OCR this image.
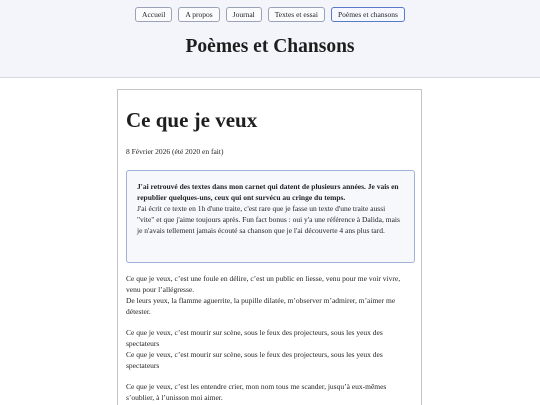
Accueil	A propos	Journal	Textes et essai	Poèmes et chansons
Poèmes et Chansons
Ce que je veux
8 Février 2026 (été 2020 en fait)
J'ai retrouvé des textes dans mon carnet qui datent de plusieurs années. Je vais en republier quelques-uns, ceux qui ont survécu au cringe du temps.
J'ai écrit ce texte en 1h d'une traite, c'est rare que je fasse un texte d'une traite aussi "vite" et que j'aime toujours après. Fun fact bonus : oui y'a une référence à Dalida, mais je n'avais tellement jamais écouté sa chanson que je l'ai découverte 4 ans plus tard.

Ce que je veux, c’est une foule en délire, c’est un public en liesse, venu pour me voir vivre, venu pour l’allégresse.
De leurs yeux, la flamme aguerrite, la pupille dilatée, m’observer m’admirer, m’aimer me détester.

Ce que je veux, c’est mourir sur scène, sous le feux des projecteurs, sous les yeux des spectateurs
Ce que je veux, c’est mourir sur scène, sous le feux des projecteurs, sous les yeux des spectateurs

Ce que je veux, c’est les entendre crier, mon nom tous me scander, jusqu’à eux-mêmes s’oublier, à l’unisson moi aimer.
